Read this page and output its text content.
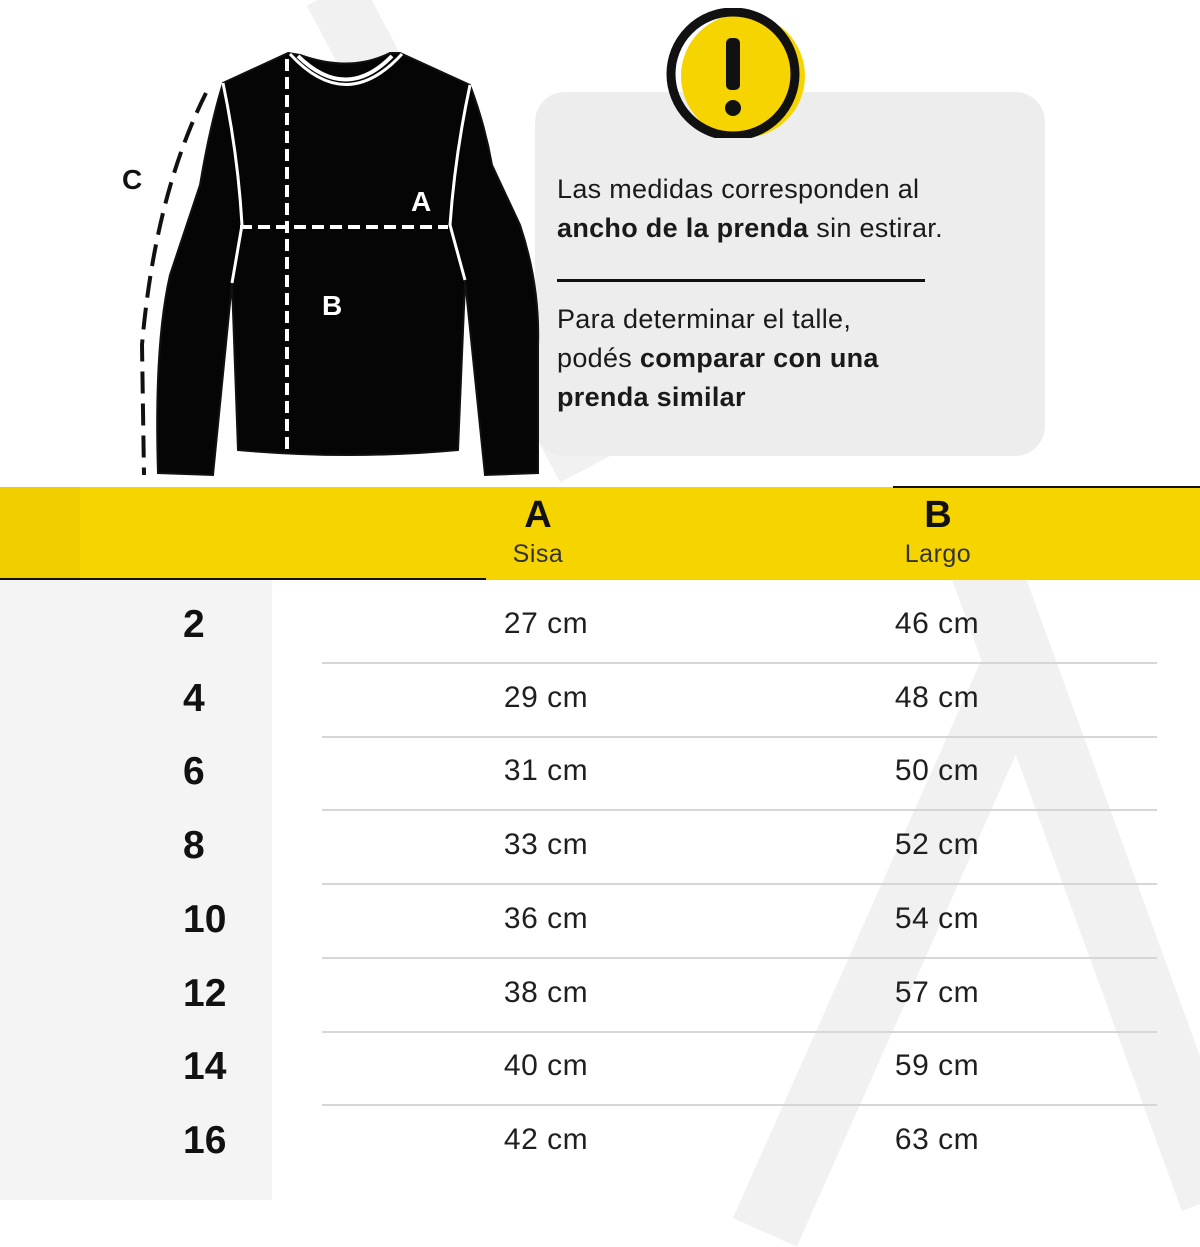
Las medidas corresponden al
ancho de la prenda sin estirar.
Para determinar el talle,
podés comparar con una
prenda similar
A
B
C
A
Sisa
B
Largo
2	27 cm	46 cm
4	29 cm	48 cm
6	31 cm	50 cm
8	33 cm	52 cm
10	36 cm	54 cm
12	38 cm	57 cm
14	40 cm	59 cm
16	42 cm	63 cm
